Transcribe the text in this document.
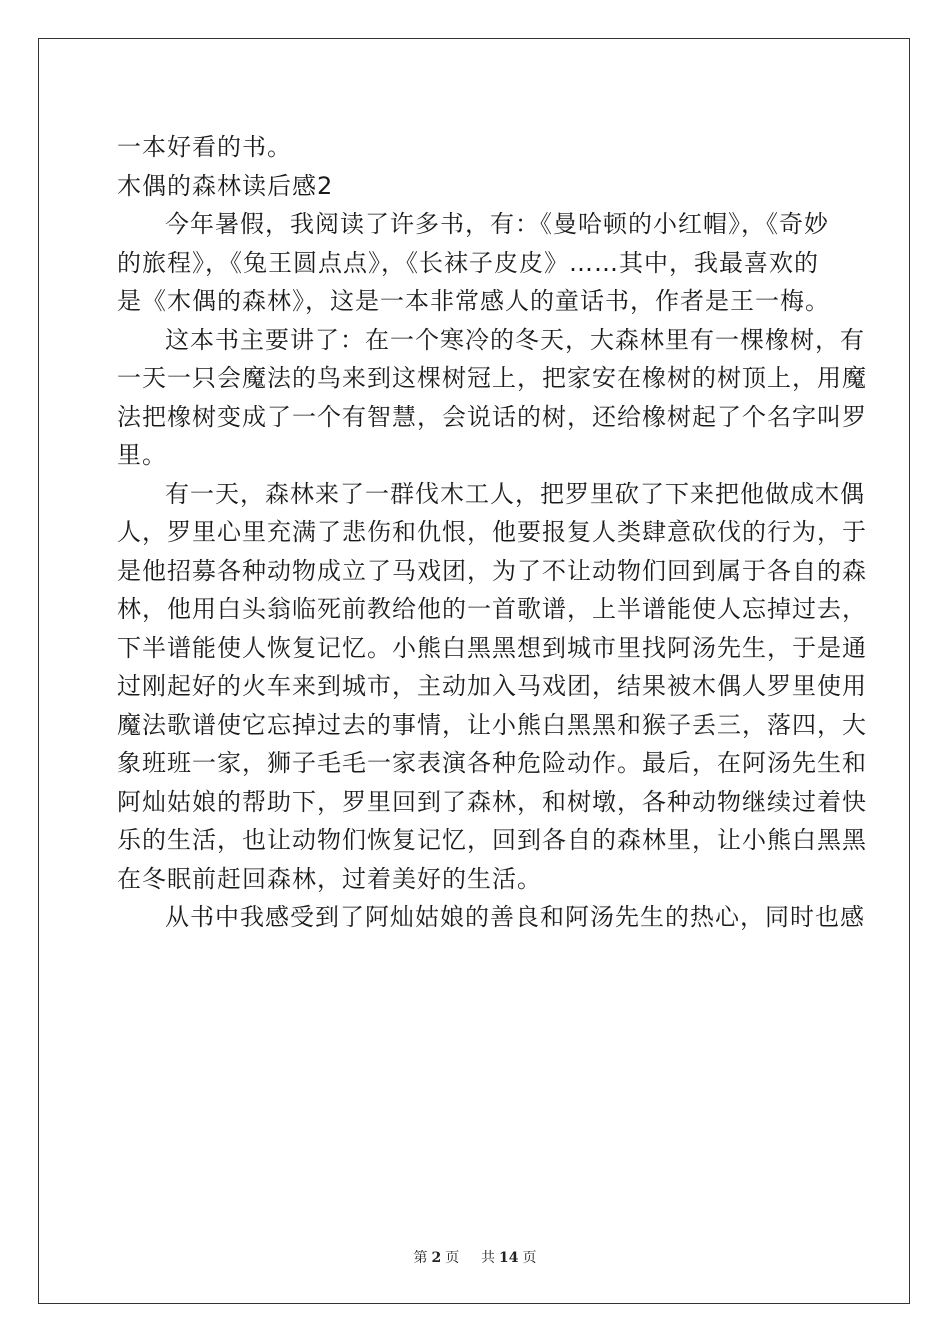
一本好看的书。
木偶的森林读后感2
今年暑假，我阅读了许多书，有：《曼哈顿的小红帽》，《奇妙
的旅程》，《兔王圆点点》，《长袜子皮皮》……其中，我最喜欢的
是《木偶的森林》，这是一本非常感人的童话书，作者是王一梅。
这本书主要讲了：在一个寒冷的冬天，大森林里有一棵橡树，有
一天一只会魔法的鸟来到这棵树冠上，把家安在橡树的树顶上，用魔
法把橡树变成了一个有智慧，会说话的树，还给橡树起了个名字叫罗
里。
有一天，森林来了一群伐木工人，把罗里砍了下来把他做成木偶
人，罗里心里充满了悲伤和仇恨，他要报复人类肆意砍伐的行为，于
是他招募各种动物成立了马戏团，为了不让动物们回到属于各自的森
林，他用白头翁临死前教给他的一首歌谱，上半谱能使人忘掉过去，
下半谱能使人恢复记忆。小熊白黑黑想到城市里找阿汤先生，于是通
过刚起好的火车来到城市，主动加入马戏团，结果被木偶人罗里使用
魔法歌谱使它忘掉过去的事情，让小熊白黑黑和猴子丢三，落四，大
象班班一家，狮子毛毛一家表演各种危险动作。最后，在阿汤先生和
阿灿姑娘的帮助下，罗里回到了森林，和树墩，各种动物继续过着快
乐的生活，也让动物们恢复记忆，回到各自的森林里，让小熊白黑黑
在冬眠前赶回森林，过着美好的生活。
从书中我感受到了阿灿姑娘的善良和阿汤先生的热心，同时也感
第 2 页 共 14 页
